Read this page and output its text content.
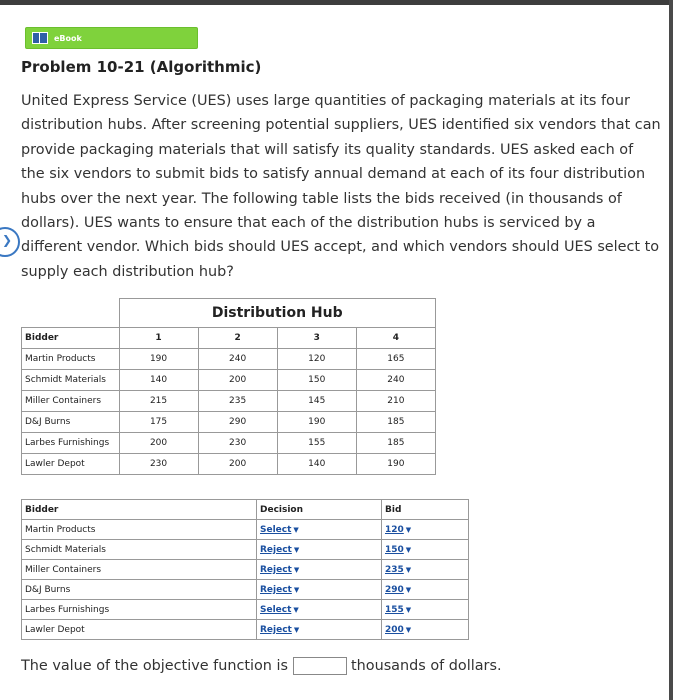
eBook
Problem 10-21 (Algorithmic)

United Express Service (UES) uses large quantities of packaging materials at its four distribution hubs. After screening potential suppliers, UES identified six vendors that can provide packaging materials that will satisfy its quality standards. UES asked each of the six vendors to submit bids to satisfy annual demand at each of its four distribution hubs over the next year. The following table lists the bids received (in thousands of dollars). UES wants to ensure that each of the distribution hubs is serviced by a different vendor. Which bids should UES accept, and which vendors should UES select to supply each distribution hub?

❯
	Distribution Hub			
Bidder	1	2	3	4
Martin Products	190	240	120	165
Schmidt Materials	140	200	150	240
Miller Containers	215	235	145	210
D&J Burns	175	290	190	185
Larbes Furnishings	200	230	155	185
Lawler Depot	230	200	140	190
Bidder	Decision	Bid
Martin Products	Select ▼	120 ▼
Schmidt Materials	Reject ▼	150 ▼
Miller Containers	Reject ▼	235 ▼
D&J Burns	Reject ▼	290 ▼
Larbes Furnishings	Select ▼	155 ▼
Lawler Depot	Reject ▼	200 ▼
The value of the objective function is	thousands of dollars.
